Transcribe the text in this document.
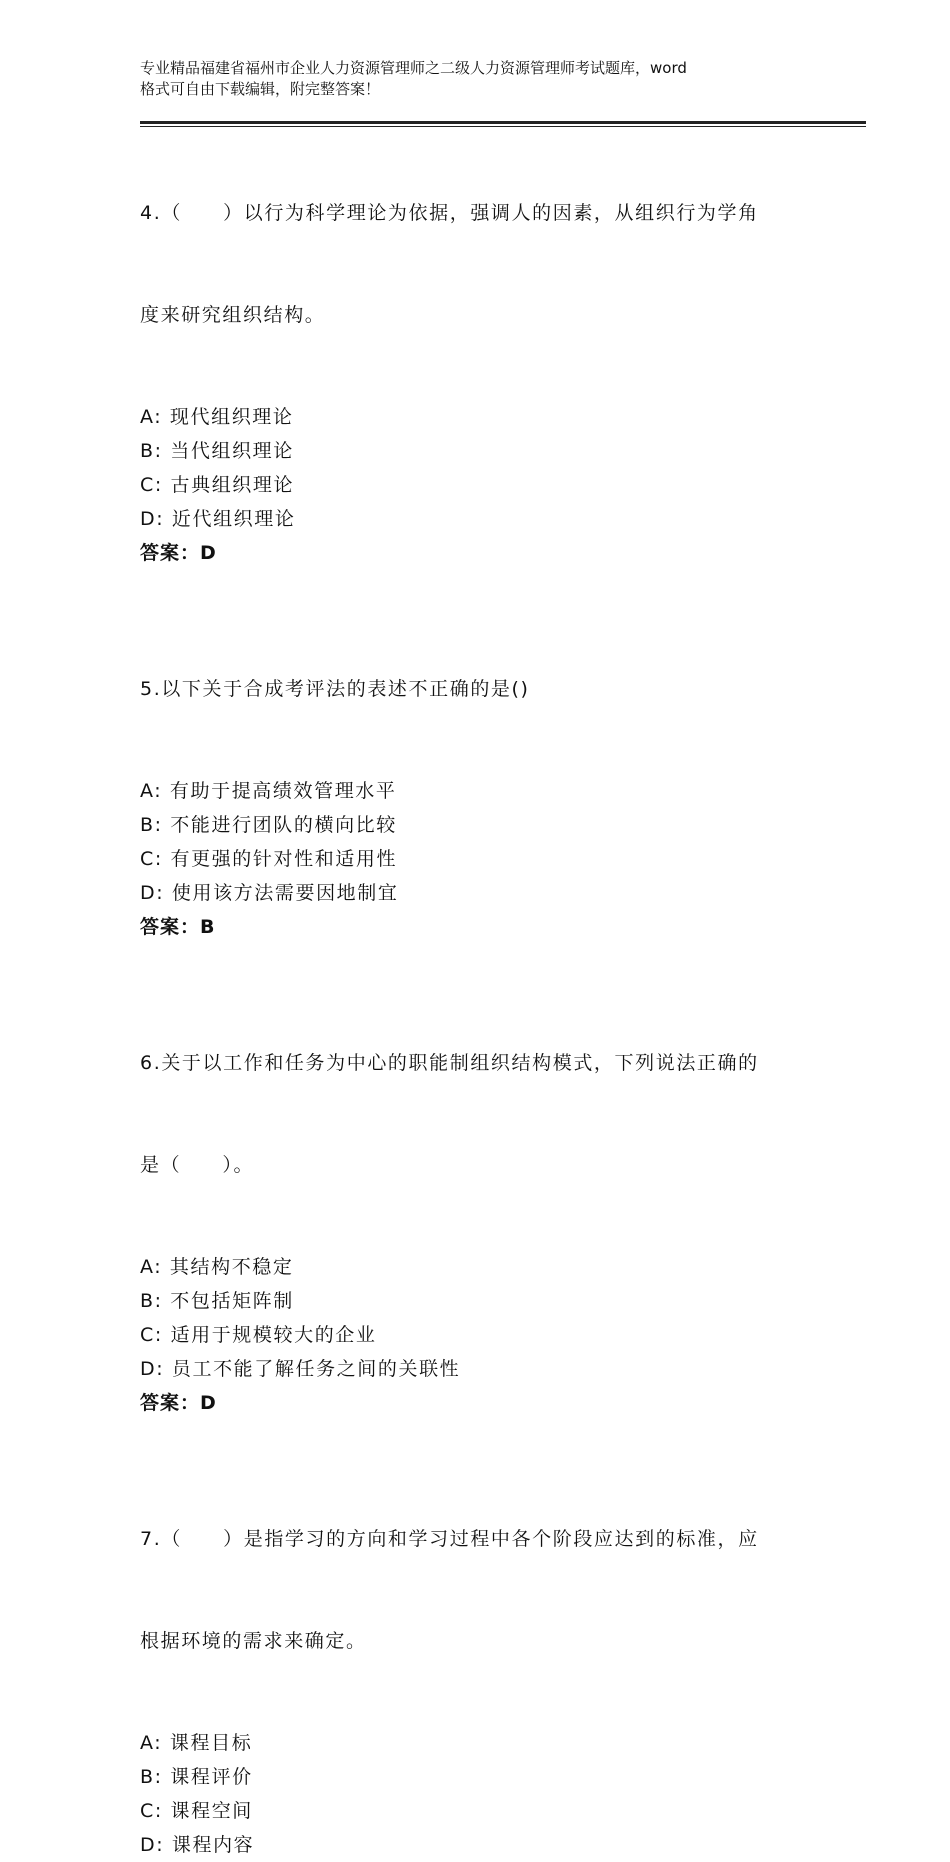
专业精品福建省福州市企业人力资源管理师之二级人力资源管理师考试题库，word
格式可自由下载编辑，附完整答案！

4.（　　）以行为科学理论为依据，强调人的因素，从组织行为学角

度来研究组织结构。

A: 现代组织理论
B: 当代组织理论
C: 古典组织理论
D: 近代组织理论
答案：D

5.以下关于合成考评法的表述不正确的是()

A: 有助于提高绩效管理水平
B: 不能进行团队的横向比较
C: 有更强的针对性和适用性
D: 使用该方法需要因地制宜
答案：B

6.关于以工作和任务为中心的职能制组织结构模式，下列说法正确的

是（　　）。

A: 其结构不稳定
B: 不包括矩阵制
C: 适用于规模较大的企业
D: 员工不能了解任务之间的关联性
答案：D

7.（　　）是指学习的方向和学习过程中各个阶段应达到的标准，应

根据环境的需求来确定。

A: 课程目标
B: 课程评价
C: 课程空间
D: 课程内容
